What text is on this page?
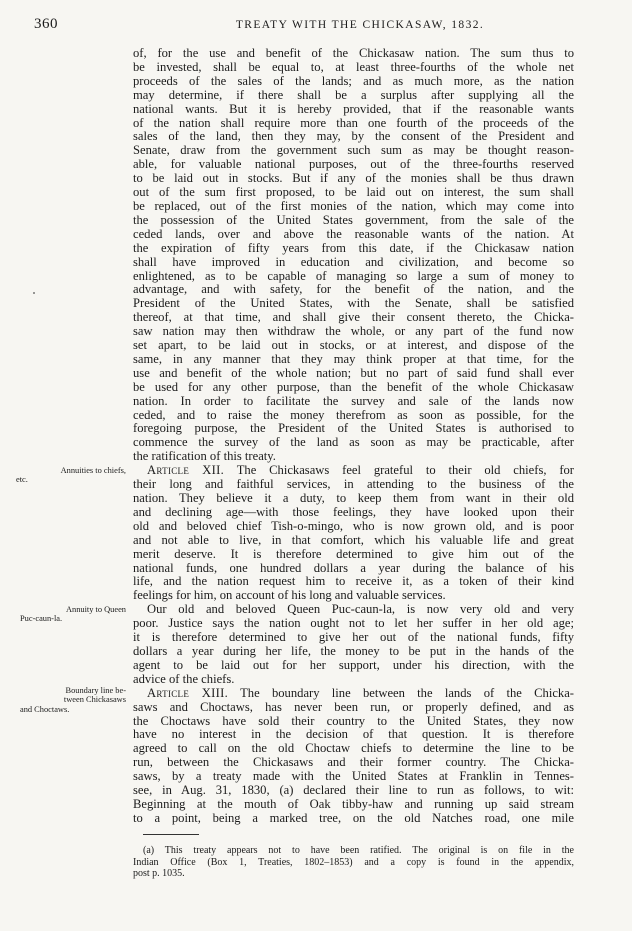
360	TREATY WITH THE CHICKASAW, 1832.
Annuities to chiefs,
etc.
Annuity to Queen
Puc-caun-la.
Boundary line be-
tween Chickasaws
and Choctaws.
of, for the use and benefit of the Chickasaw nation. The sum thus to
be invested, shall be equal to, at least three-fourths of the whole net
proceeds of the sales of the lands; and as much more, as the nation
may determine, if there shall be a surplus after supplying all the
national wants. But it is hereby provided, that if the reasonable wants
of the nation shall require more than one fourth of the proceeds of the
sales of the land, then they may, by the consent of the President and
Senate, draw from the government such sum as may be thought reason-
able, for valuable national purposes, out of the three-fourths reserved
to be laid out in stocks. But if any of the monies shall be thus drawn
out of the sum first proposed, to be laid out on interest, the sum shall
be replaced, out of the first monies of the nation, which may come into
the possession of the United States government, from the sale of the
ceded lands, over and above the reasonable wants of the nation. At
the expiration of fifty years from this date, if the Chickasaw nation
shall have improved in education and civilization, and become so
enlightened, as to be capable of managing so large a sum of money to
advantage, and with safety, for the benefit of the nation, and the
President of the United States, with the Senate, shall be satisfied
thereof, at that time, and shall give their consent thereto, the Chicka-
saw nation may then withdraw the whole, or any part of the fund now
set apart, to be laid out in stocks, or at interest, and dispose of the
same, in any manner that they may think proper at that time, for the
use and benefit of the whole nation; but no part of said fund shall ever
be used for any other purpose, than the benefit of the whole Chickasaw
nation. In order to facilitate the survey and sale of the lands now
ceded, and to raise the money therefrom as soon as possible, for the
foregoing purpose, the President of the United States is authorised to
commence the survey of the land as soon as may be practicable, after
the ratification of this treaty.
Article XII. The Chickasaws feel grateful to their old chiefs, for
their long and faithful services, in attending to the business of the
nation. They believe it a duty, to keep them from want in their old
and declining age—with those feelings, they have looked upon their
old and beloved chief Tish-o-mingo, who is now grown old, and is poor
and not able to live, in that comfort, which his valuable life and great
merit deserve. It is therefore determined to give him out of the
national funds, one hundred dollars a year during the balance of his
life, and the nation request him to receive it, as a token of their kind
feelings for him, on account of his long and valuable services.
Our old and beloved Queen Puc-caun-la, is now very old and very
poor. Justice says the nation ought not to let her suffer in her old age;
it is therefore determined to give her out of the national funds, fifty
dollars a year during her life, the money to be put in the hands of the
agent to be laid out for her support, under his direction, with the
advice of the chiefs.
Article XIII. The boundary line between the lands of the Chicka-
saws and Choctaws, has never been run, or properly defined, and as
the Choctaws have sold their country to the United States, they now
have no interest in the decision of that question. It is therefore
agreed to call on the old Choctaw chiefs to determine the line to be
run, between the Chickasaws and their former country. The Chicka-
saws, by a treaty made with the United States at Franklin in Tennes-
see, in Aug. 31, 1830, (a) declared their line to run as follows, to wit:
Beginning at the mouth of Oak tibby-haw and running up said stream
to a point, being a marked tree, on the old Natches road, one mile
(a) This treaty appears not to have been ratified. The original is on file in the
Indian Office (Box 1, Treaties, 1802–1853) and a copy is found in the appendix,
post p. 1035.
